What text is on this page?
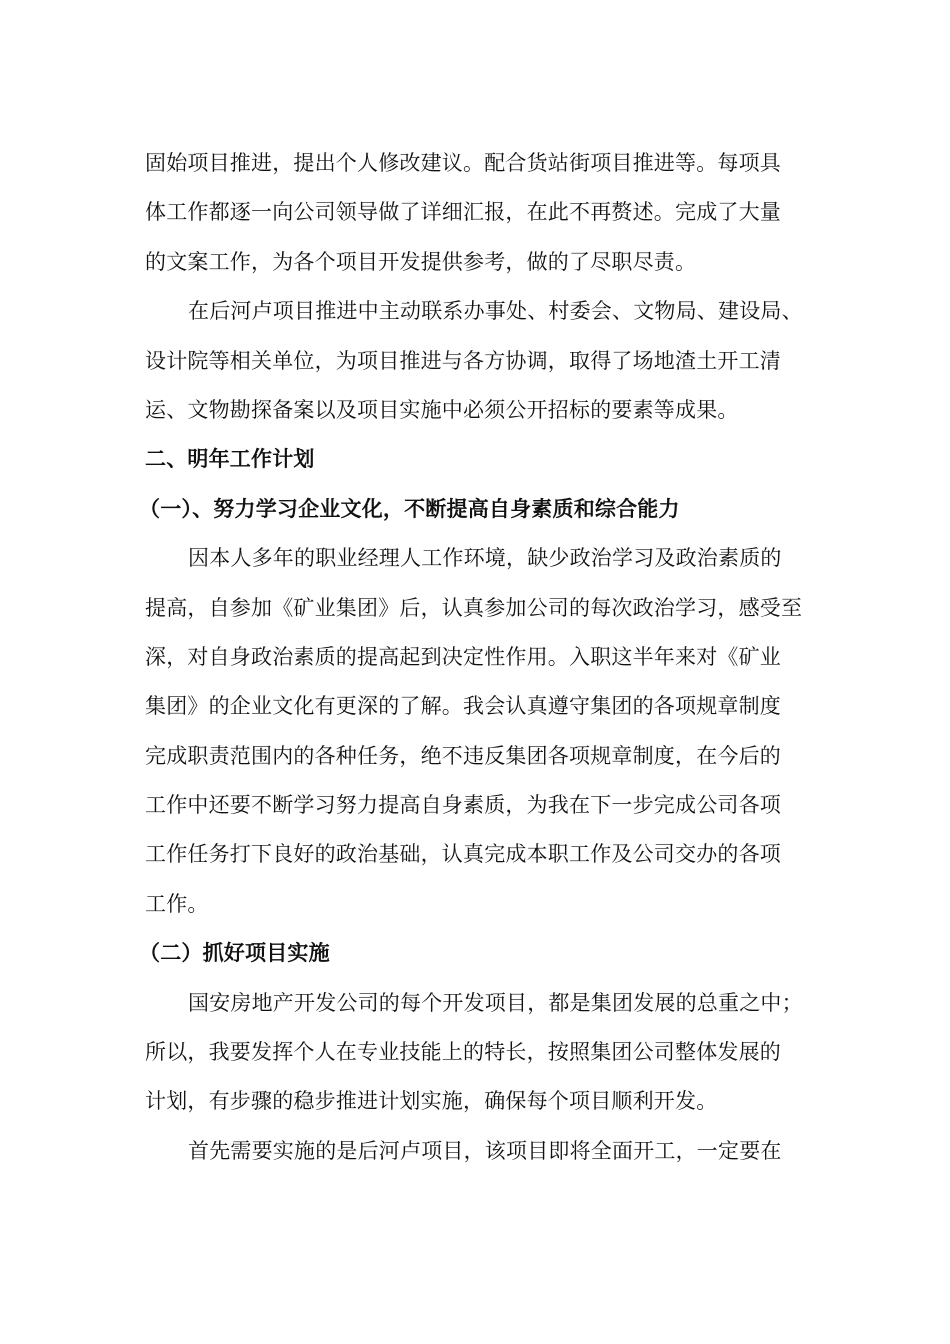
固始项目推进，提出个人修改建议。配合货站街项目推进等。每项具
体工作都逐一向公司领导做了详细汇报，在此不再赘述。完成了大量
的文案工作，为各个项目开发提供参考，做的了尽职尽责。
在后河卢项目推进中主动联系办事处、村委会、文物局、建设局、
设计院等相关单位，为项目推进与各方协调，取得了场地渣土开工清
运、文物勘探备案以及项目实施中必须公开招标的要素等成果。
二、明年工作计划
（一）、努力学习企业文化，不断提高自身素质和综合能力
因本人多年的职业经理人工作环境，缺少政治学习及政治素质的
提高，自参加《矿业集团》后，认真参加公司的每次政治学习，感受至
深，对自身政治素质的提高起到决定性作用。入职这半年来对《矿业
集团》的企业文化有更深的了解。我会认真遵守集团的各项规章制度
完成职责范围内的各种任务，绝不违反集团各项规章制度，在今后的
工作中还要不断学习努力提高自身素质，为我在下一步完成公司各项
工作任务打下良好的政治基础，认真完成本职工作及公司交办的各项
工作。
（二）抓好项目实施
国安房地产开发公司的每个开发项目，都是集团发展的总重之中；
所以，我要发挥个人在专业技能上的特长，按照集团公司整体发展的
计划，有步骤的稳步推进计划实施，确保每个项目顺利开发。
首先需要实施的是后河卢项目，该项目即将全面开工，一定要在
